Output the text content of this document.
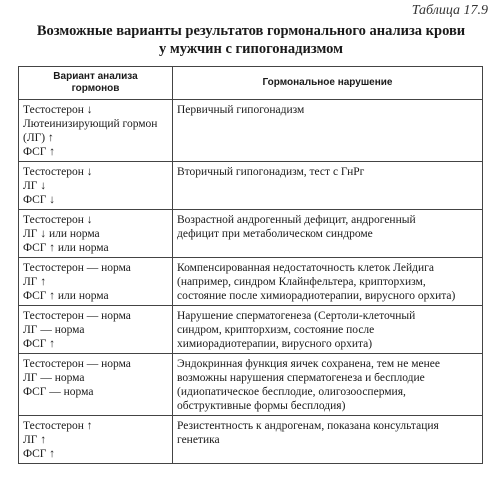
Таблица 17.9
Возможные варианты результатов гормонального анализа крови
у мужчин с гипогонадизмом
Вариант анализа
гормонов	Гормональное нарушение

Тестостерон ↓
Лютеинизирующий гормон
(ЛГ) ↑
ФСГ ↑	Первичный гипогонадизм

Тестостерон ↓
ЛГ ↓
ФСГ ↓	Вторичный гипогонадизм, тест с ГнРг

Тестостерон ↓
ЛГ ↓ или норма
ФСГ ↑ или норма	Возрастной андрогенный дефицит, андрогенный
дефицит при метаболическом синдроме

Тестостерон — норма
ЛГ ↑
ФСГ ↑ или норма	Компенсированная недостаточность клеток Лейдига
(например, синдром Клайнфельтера, крипторхизм,
состояние после химиорадиотерапии, вирусного орхита)

Тестостерон — норма
ЛГ — норма
ФСГ ↑	Нарушение сперматогенеза (Сертоли-клеточный
синдром, крипторхизм, состояние после
химиорадиотерапии, вирусного орхита)

Тестостерон — норма
ЛГ — норма
ФСГ — норма	Эндокринная функция яичек сохранена, тем не менее
возможны нарушения сперматогенеза и бесплодие
(идиопатическое бесплодие, олигозооспермия,
обструктивные формы бесплодия)

Тестостерон ↑
ЛГ ↑
ФСГ ↑	Резистентность к андрогенам, показана консультация
генетика
